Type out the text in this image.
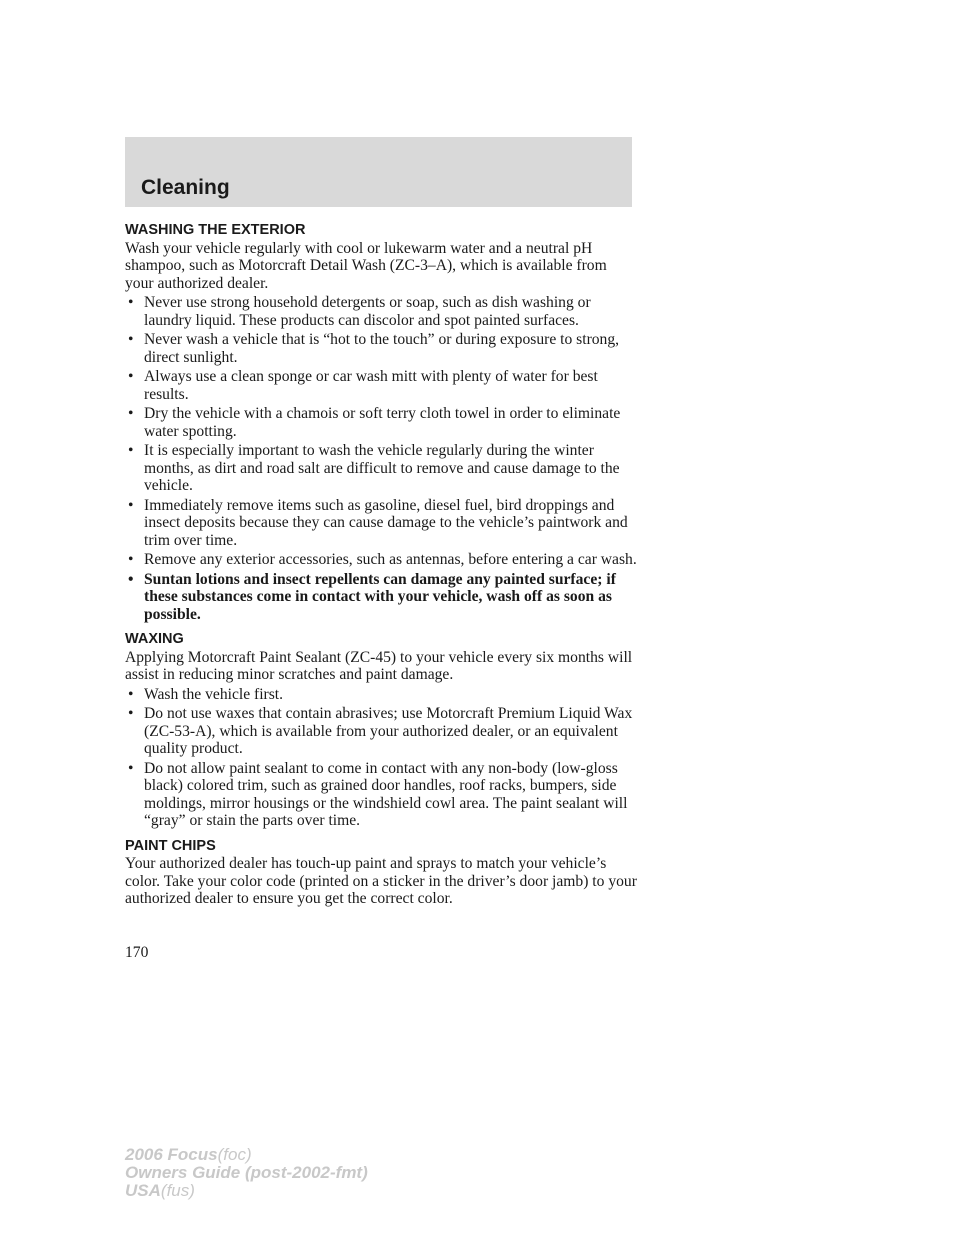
Cleaning
WASHING THE EXTERIOR

Wash your vehicle regularly with cool or lukewarm water and a neutral pH shampoo, such as Motorcraft Detail Wash (ZC-3–A), which is available from your authorized dealer.

• Never use strong household detergents or soap, such as dish washing or laundry liquid. These products can discolor and spot painted surfaces.
• Never wash a vehicle that is “hot to the touch” or during exposure to strong, direct sunlight.
• Always use a clean sponge or car wash mitt with plenty of water for best results.
• Dry the vehicle with a chamois or soft terry cloth towel in order to eliminate water spotting.
• It is especially important to wash the vehicle regularly during the winter months, as dirt and road salt are difficult to remove and cause damage to the vehicle.
• Immediately remove items such as gasoline, diesel fuel, bird droppings and insect deposits because they can cause damage to the vehicle’s paintwork and trim over time.
• Remove any exterior accessories, such as antennas, before entering a car wash.
• Suntan lotions and insect repellents can damage any painted surface; if these substances come in contact with your vehicle, wash off as soon as possible.
WAXING

Applying Motorcraft Paint Sealant (ZC-45) to your vehicle every six months will assist in reducing minor scratches and paint damage.

• Wash the vehicle first.
• Do not use waxes that contain abrasives; use Motorcraft Premium Liquid Wax (ZC-53-A), which is available from your authorized dealer, or an equivalent quality product.
• Do not allow paint sealant to come in contact with any non-body (low-gloss black) colored trim, such as grained door handles, roof racks, bumpers, side moldings, mirror housings or the windshield cowl area. The paint sealant will “gray” or stain the parts over time.
PAINT CHIPS

Your authorized dealer has touch-up paint and sprays to match your vehicle’s color. Take your color code (printed on a sticker in the driver’s door jamb) to your authorized dealer to ensure you get the correct color.

170
2006 Focus(foc)
Owners Guide (post-2002-fmt)
USA(fus)
